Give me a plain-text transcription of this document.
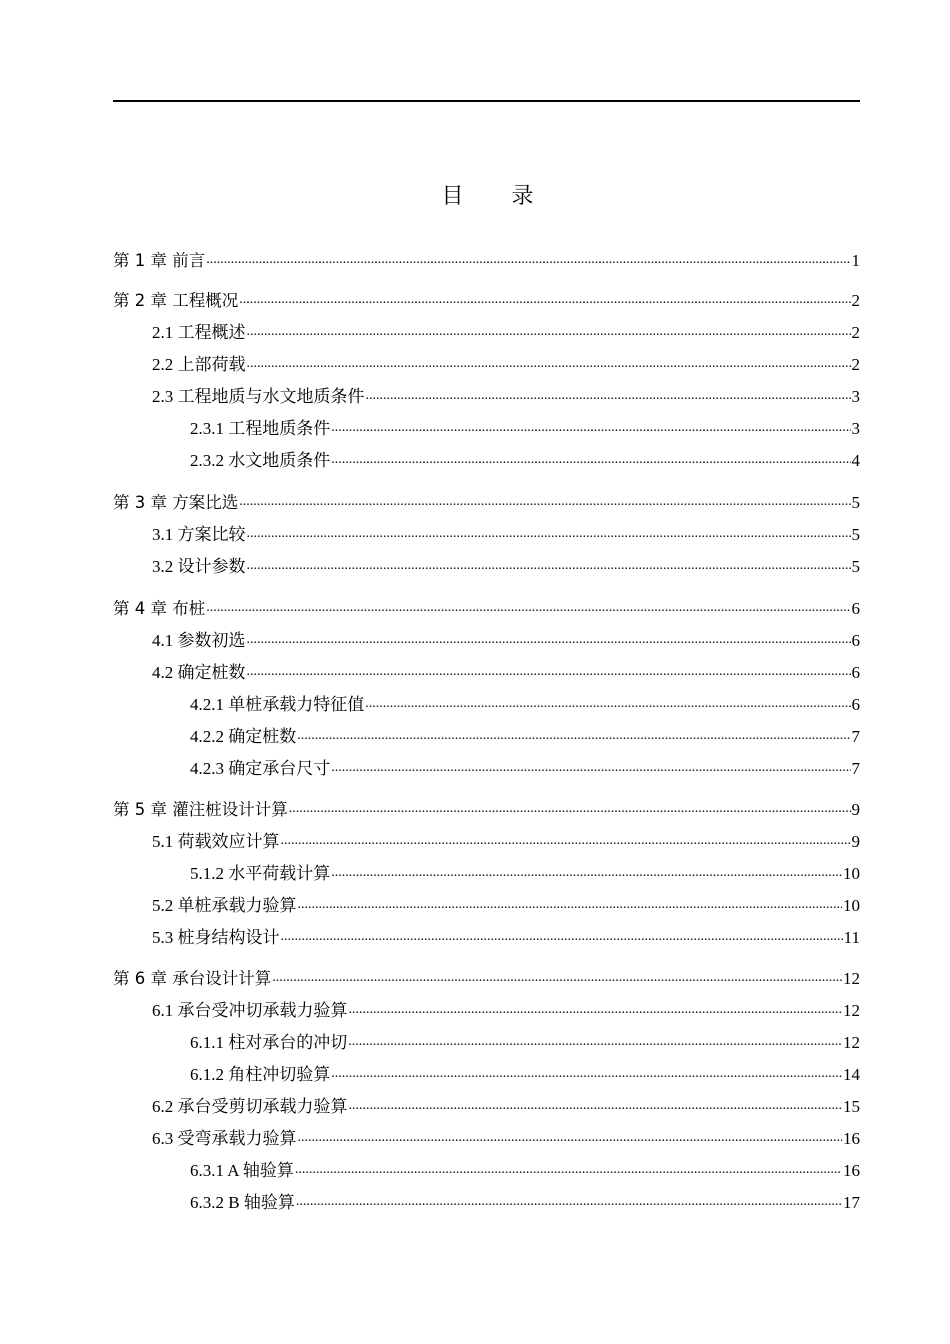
目 录
第 1 章 前言 .....	1
第 2 章 工程概况 .....	2
2.1 工程概述 .....	2
2.2 上部荷载 .....	2
2.3 工程地质与水文地质条件 .....	3
2.3.1 工程地质条件 .....	3
2.3.2 水文地质条件 .....	4
第 3 章 方案比选 .....	5
3.1 方案比较 .....	5
3.2 设计参数 .....	5
第 4 章 布桩 .....	6
4.1 参数初选 .....	6
4.2 确定桩数 .....	6
4.2.1 单桩承载力特征值 .....	6
4.2.2 确定桩数 .....	7
4.2.3 确定承台尺寸 .....	7
第 5 章 灌注桩设计计算 .....	9
5.1 荷载效应计算 .....	9
5.1.2 水平荷载计算 .....	10
5.2 单桩承载力验算 .....	10
5.3 桩身结构设计 .....	11
第 6 章 承台设计计算 .....	12
6.1 承台受冲切承载力验算 .....	12
6.1.1 柱对承台的冲切 .....	12
6.1.2 角柱冲切验算 .....	14
6.2 承台受剪切承载力验算 .....	15
6.3 受弯承载力验算 .....	16
6.3.1 A 轴验算 .....	16
6.3.2 B 轴验算 .....	17
